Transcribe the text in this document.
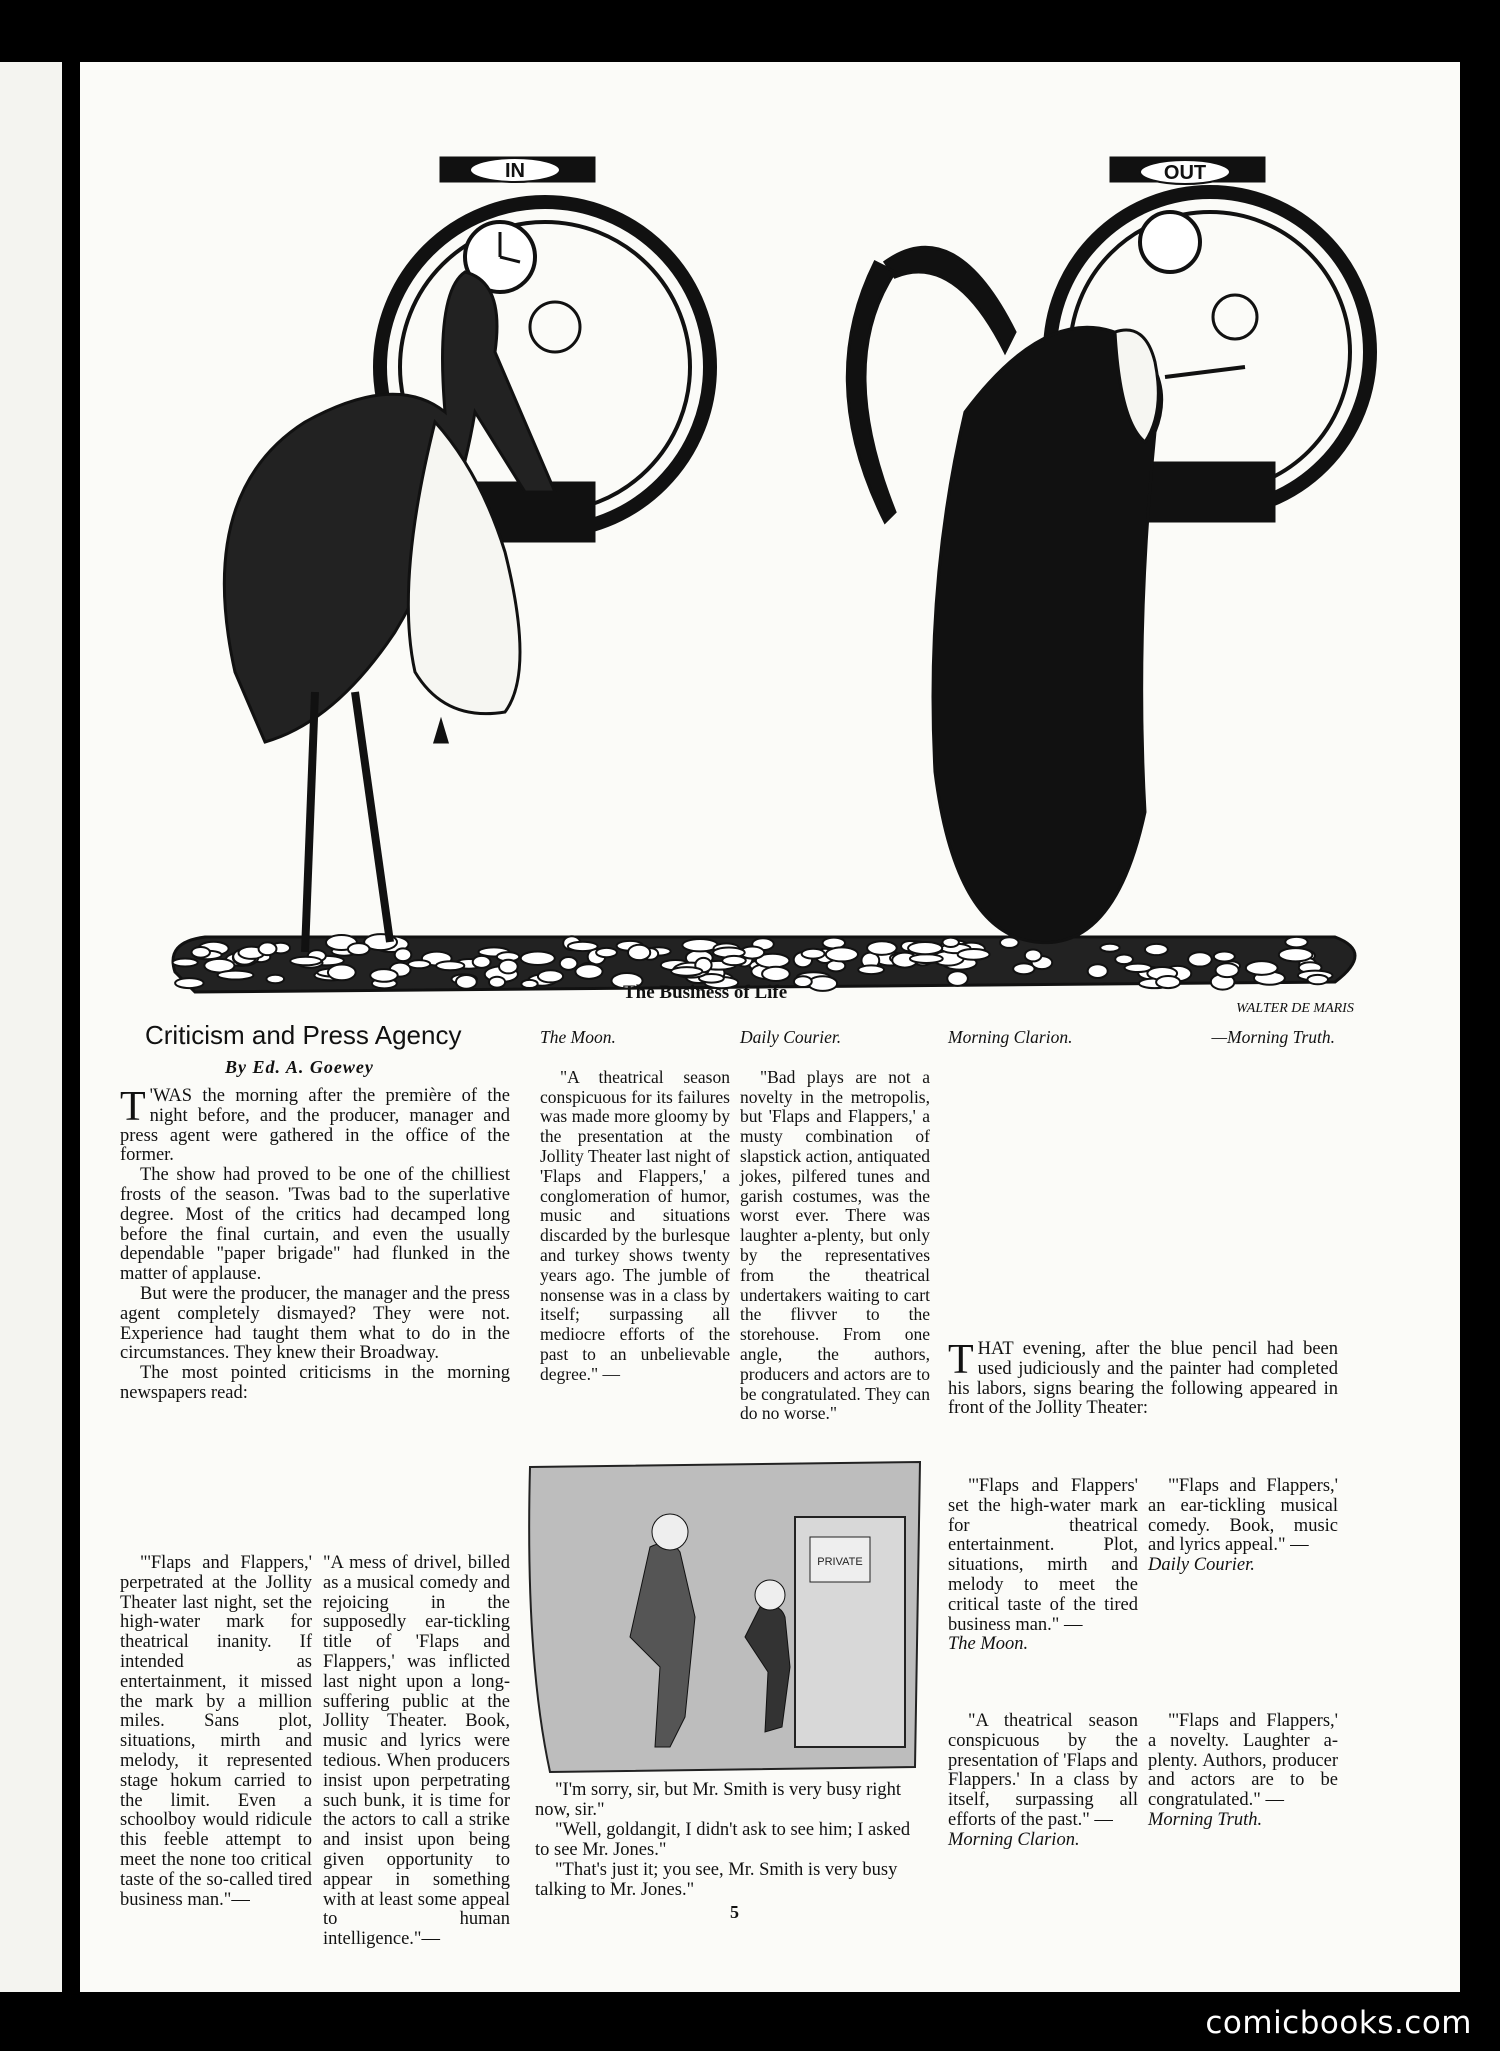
IN	OUT
WALTER DE MARIS
The Business of Life
Criticism and Press Agency
By Ed. A. Goewey

T 'WAS the morning after the première of the night before, and the producer, manager and press agent were gathered in the office of the former.

The show had proved to be one of the chilliest frosts of the season. 'Twas bad to the superlative degree. Most of the critics had decamped long before the final curtain, and even the usually dependable "paper brigade" had flunked in the matter of applause.

But were the producer, the manager and the press agent completely dismayed? They were not. Experience had taught them what to do in the circumstances. They knew their Broadway.

The most pointed criticisms in the morning newspapers read:

"'Flaps and Flappers,' perpetrated at the Jollity Theater last night, set the high-water mark for theatrical inanity. If intended as entertainment, it missed the mark by a million miles. Sans plot, situations, mirth and melody, it represented stage hokum carried to the limit. Even a schoolboy would ridicule this feeble attempt to meet the none too critical taste of the so-called tired business man."—

"A mess of drivel, billed as a musical comedy and rejoicing in the supposedly ear-tickling title of 'Flaps and Flappers,' was inflicted last night upon a long-suffering public at the Jollity Theater. Book, music and lyrics were tedious. When producers insist upon perpetrating such bunk, it is time for the actors to call a strike and insist upon being given opportunity to appear in something with at least some appeal to human intelligence."—

The Moon.

"A theatrical season conspicuous for its failures was made more gloomy by the presentation at the Jollity Theater last night of 'Flaps and Flappers,' a conglomeration of humor, music and situations discarded by the burlesque and turkey shows twenty years ago. The jumble of nonsense was in a class by itself; surpassing all mediocre efforts of the past to an unbelievable degree." —

Daily Courier.

"Bad plays are not a novelty in the metropolis, but 'Flaps and Flappers,' a musty combination of slapstick action, antiquated jokes, pilfered tunes and garish costumes, was the worst ever. There was laughter a-plenty, but only by the representatives from the theatrical undertakers waiting to cart the flivver to the storehouse. From one angle, the authors, producers and actors are to be congratulated. They can do no worse."

PRIVATE

"I'm sorry, sir, but Mr. Smith is very busy right now, sir."

"Well, goldangit, I didn't ask to see him; I asked to see Mr. Jones."

"That's just it; you see, Mr. Smith is very busy talking to Mr. Jones."

Morning Clarion.	—Morning Truth.

THAT evening, after the blue pencil had been used judiciously and the painter had completed his labors, signs bearing the following appeared in front of the Jollity Theater:

"'Flaps and Flappers' set the high-water mark for theatrical entertainment. Plot, situations, mirth and melody to meet the critical taste of the tired business man." —

The Moon.

"'Flaps and Flappers,' an ear-tickling musical comedy. Book, music and lyrics appeal." —

Daily Courier.

"A theatrical season conspicuous by the presentation of 'Flaps and Flappers.' In a class by itself, surpassing all efforts of the past." —

Morning Clarion.

"'Flaps and Flappers,' a novelty. Laughter a-plenty. Authors, producer and actors are to be congratulated." —

Morning Truth.

5
comicbooks.com
